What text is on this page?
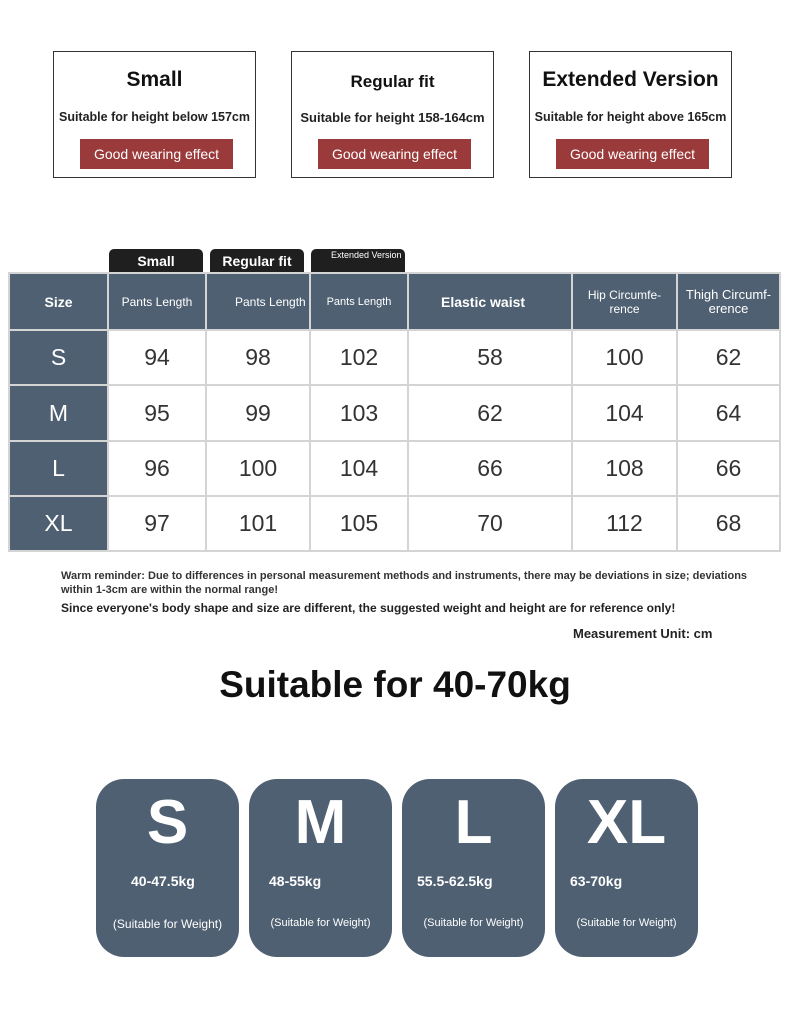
Small
Suitable for height below 157cm
Good wearing effect
Regular fit
Suitable for height 158-164cm
Good wearing effect
Extended Version
Suitable for height above 165cm
Good wearing effect
Small	Regular fit	Extended Version
Size	Pants Length	Pants Length	Pants Length	Elastic waist	Hip Circumfe-rence	Thigh Circumf-erence
S	94	98	102	58	100	62
M	95	99	103	62	104	64
L	96	100	104	66	108	66
XL	97	101	105	70	112	68
Warm reminder: Due to differences in personal measurement methods and instruments, there may be deviations in size; deviations within 1-3cm are within the normal range!
Since everyone's body shape and size are different, the suggested weight and height are for reference only!
Measurement Unit: cm
Suitable for 40-70kg
S
40-47.5kg
(Suitable for Weight)
M
48-55kg
(Suitable for Weight)
L
55.5-62.5kg
(Suitable for Weight)
XL
63-70kg
(Suitable for Weight)
